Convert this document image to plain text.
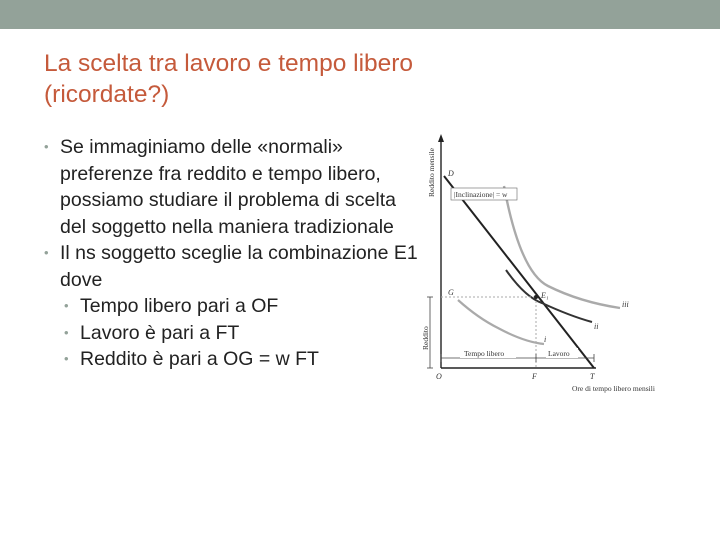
La scelta tra lavoro e tempo libero
(ricordate?)
• Se immaginiamo delle «normali» preferenze fra reddito e tempo libero, possiamo studiare il problema di scelta del soggetto nella maniera tradizionale
• Il ns soggetto sceglie la combinazione E1 dove
• Tempo libero pari a OF
• Lavoro è pari a FT
• Reddito è pari a OG = w FT
Reddito mensile |Inclinazione| = w
Reddito
Tempo libero	Lavoro
D
G
O	F	T
E₁
iii
ii
i
Ore di tempo libero mensili
